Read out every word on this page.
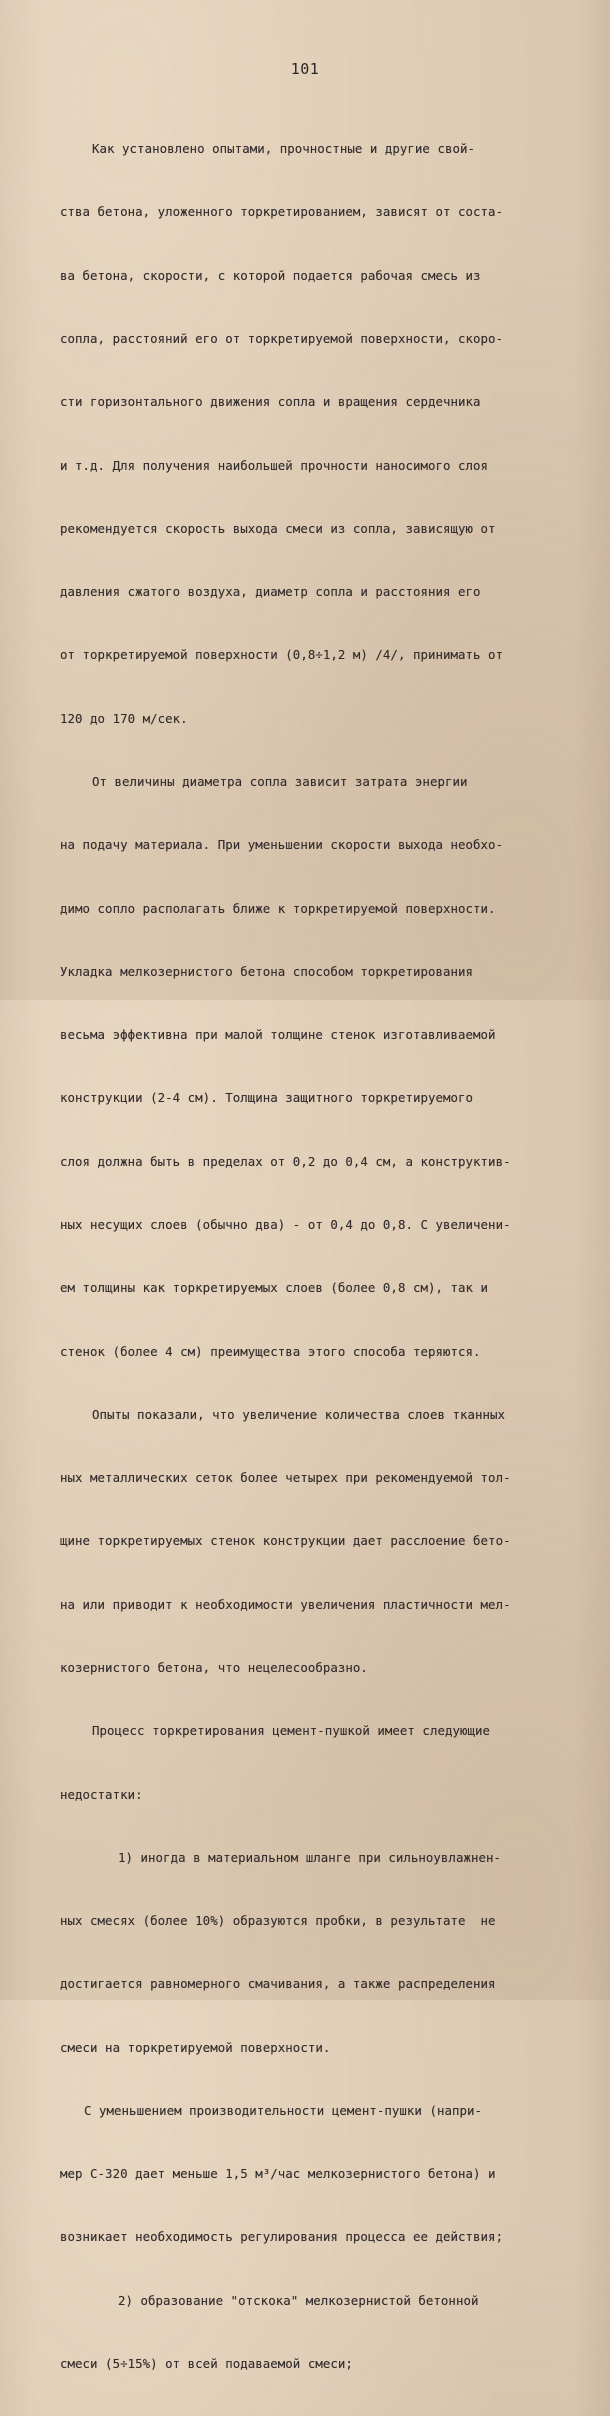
101

Как установлено опытами, прочностные и другие свой-

ства бетона, уложенного торкретированием, зависят от соста-

ва бетона, скорости, с которой подается рабочая смесь из

сопла, расстояний его от торкретируемой поверхности, скоро-

сти горизонтального движения сопла и вращения сердечника

и т.д. Для получения наибольшей прочности наносимого слоя

рекомендуется скорость выхода смеси из сопла, зависящую от

давления сжатого воздуха, диаметр сопла и расстояния его

от торкретируемой поверхности (0,8÷1,2 м) /4/, принимать от

120 до 170 м/сек.

От величины диаметра сопла зависит затрата энергии

на подачу материала. При уменьшении скорости выхода необхо-

димо сопло располагать ближе к торкретируемой поверхности.

Укладка мелкозернистого бетона способом торкретирования

весьма эффективна при малой толщине стенок изготавливаемой

конструкции (2-4 см). Толщина защитного торкретируемого

слоя должна быть в пределах от 0,2 до 0,4 см, а конструктив-

ных несущих слоев (обычно два) - от 0,4 до 0,8. С увеличени-

ем толщины как торкретируемых слоев (более 0,8 см), так и

стенок (более 4 см) преимущества этого способа теряются.

Опыты показали, что увеличение количества слоев тканных

ных металлических сеток более четырех при рекомендуемой тол-

щине торкретируемых стенок конструкции дает расслоение бето-

на или приводит к необходимости увеличения пластичности мел-

козернистого бетона, что нецелесообразно.

Процесс торкретирования цемент-пушкой имеет следующие

недостатки:

1) иногда в материальном шланге при сильноувлажнен-

ных смесях (более 10%) образуются пробки, в результате  не

достигается равномерного смачивания, а также распределения

смеси на торкретируемой поверхности.

С уменьшением производительности цемент-пушки (напри-

мер С-320 дает меньше 1,5 м³/час мелкозернистого бетона) и

возникает необходимость регулирования процесса ее действия;

2) образование "отскока" мелкозернистой бетонной

смеси (5÷15%) от всей подаваемой смеси;
